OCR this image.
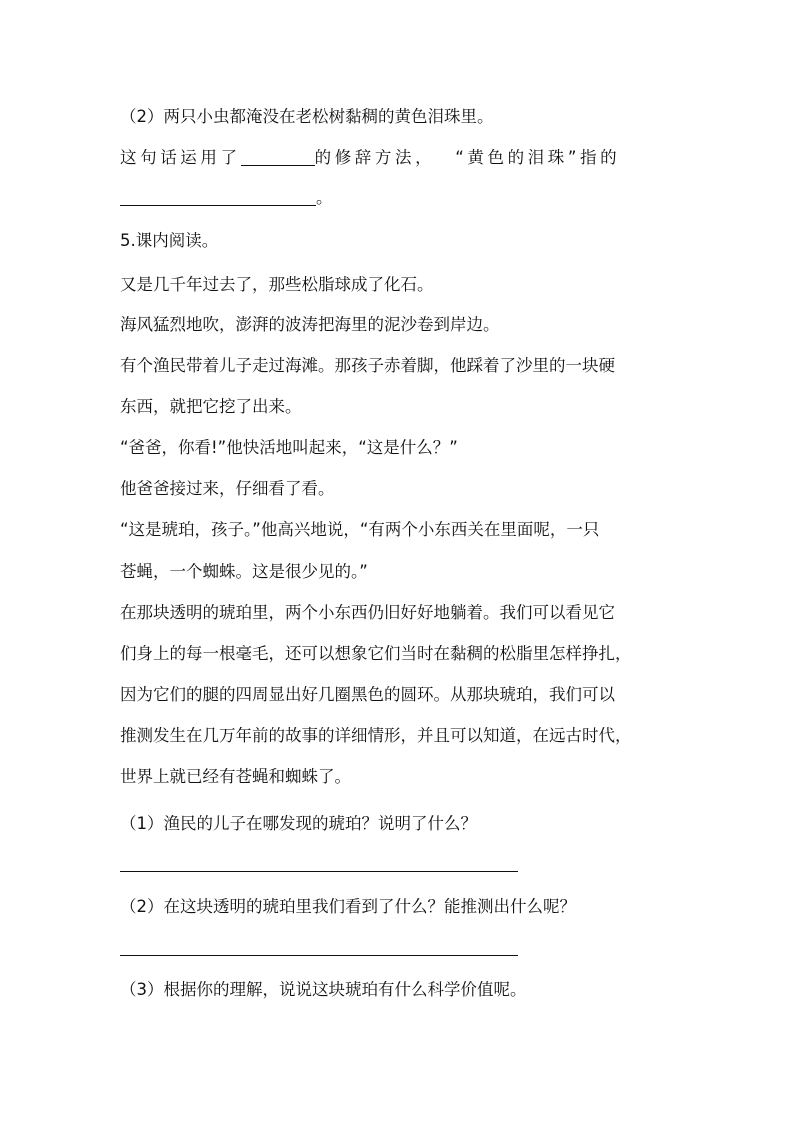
（2）两只小虫都淹没在老松树黏稠的黄色泪珠里。
这句话运用了	的修辞方法， “黄色的泪珠”指的
。
5.课内阅读。
又是几千年过去了，那些松脂球成了化石。
海风猛烈地吹，澎湃的波涛把海里的泥沙卷到岸边。
有个渔民带着儿子走过海滩。那孩子赤着脚，他踩着了沙里的一块硬
东西，就把它挖了出来。
“爸爸，你看!”他快活地叫起来，“这是什么？”
他爸爸接过来，仔细看了看。
“这是琥珀，孩子。”他高兴地说，“有两个小东西关在里面呢，一只
苍蝇，一个蜘蛛。这是很少见的。”
在那块透明的琥珀里，两个小东西仍旧好好地躺着。我们可以看见它
们身上的每一根毫毛，还可以想象它们当时在黏稠的松脂里怎样挣扎，
因为它们的腿的四周显出好几圈黑色的圆环。从那块琥珀，我们可以
推测发生在几万年前的故事的详细情形，并且可以知道，在远古时代，
世界上就已经有苍蝇和蜘蛛了。
（1）渔民的儿子在哪发现的琥珀？说明了什么？
（2）在这块透明的琥珀里我们看到了什么？能推测出什么呢？
（3）根据你的理解，说说这块琥珀有什么科学价值呢。
